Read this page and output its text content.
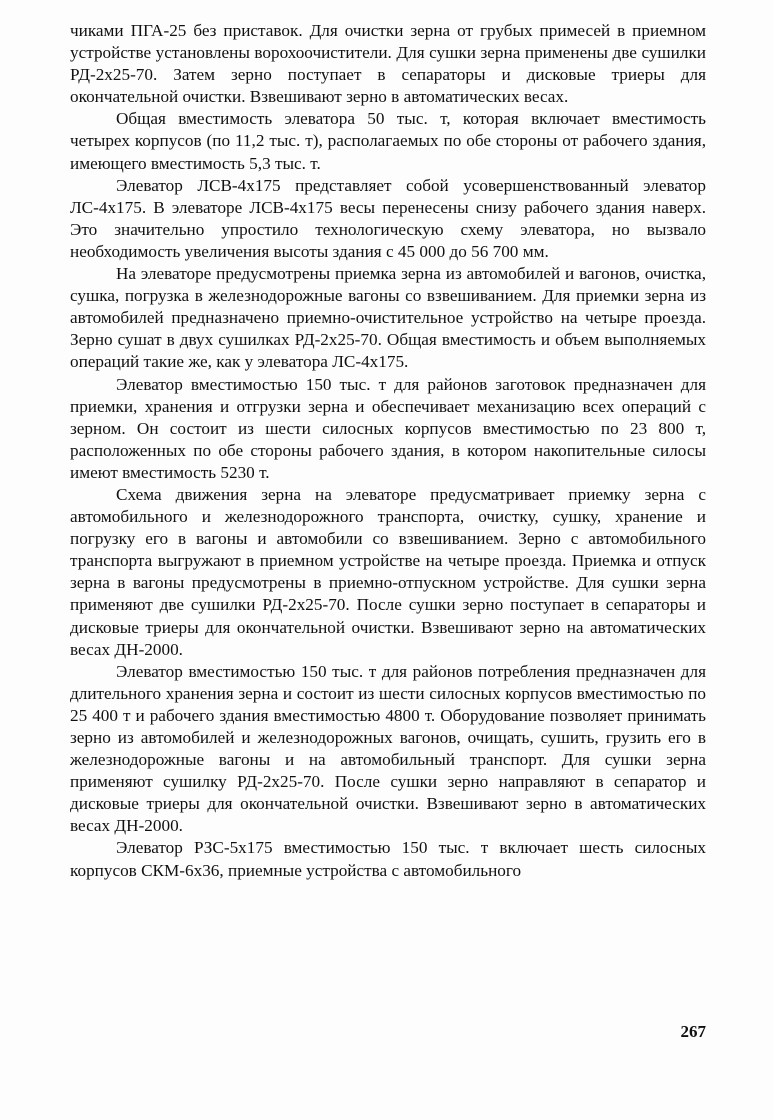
чиками ПГА-25 без приставок. Для очистки зерна от грубых примесей в приемном устройстве установлены ворохоочистители. Для сушки зерна применены две сушилки РД-2х25-70. Затем зерно поступает в сепараторы и дисковые триеры для окончательной очистки. Взвешивают зерно в автоматических весах.

Общая вместимость элеватора 50 тыс. т, которая включает вместимость четырех корпусов (по 11,2 тыс. т), располагаемых по обе стороны от рабочего здания, имеющего вместимость 5,3 тыс. т.

Элеватор ЛСВ-4х175 представляет собой усовершенствованный элеватор ЛС-4х175. В элеваторе ЛСВ-4х175 весы перенесены снизу рабочего здания наверх. Это значительно упростило технологическую схему элеватора, но вызвало необходимость увеличения высоты здания с 45 000 до 56 700 мм.

На элеваторе предусмотрены приемка зерна из автомобилей и вагонов, очистка, сушка, погрузка в железнодорожные вагоны со взвешиванием. Для приемки зерна из автомобилей предназначено приемно-очистительное устройство на четыре проезда. Зерно сушат в двух сушилках РД-2х25-70. Общая вместимость и объем выполняемых операций такие же, как у элеватора ЛС-4х175.

Элеватор вместимостью 150 тыс. т для районов заготовок предназначен для приемки, хранения и отгрузки зерна и обеспечивает механизацию всех операций с зерном. Он состоит из шести силосных корпусов вместимостью по 23 800 т, расположенных по обе стороны рабочего здания, в котором накопительные силосы имеют вместимость 5230 т.

Схема движения зерна на элеваторе предусматривает приемку зерна с автомобильного и железнодорожного транспорта, очистку, сушку, хранение и погрузку его в вагоны и автомобили со взвешиванием. Зерно с автомобильного транспорта выгружают в приемном устройстве на четыре проезда. Приемка и отпуск зерна в вагоны предусмотрены в приемно-отпускном устройстве. Для сушки зерна применяют две сушилки РД-2х25-70. После сушки зерно поступает в сепараторы и дисковые триеры для окончательной очистки. Взвешивают зерно на автоматических весах ДН-2000.

Элеватор вместимостью 150 тыс. т для районов потребления предназначен для длительного хранения зерна и состоит из шести силосных корпусов вместимостью по 25 400 т и рабочего здания вместимостью 4800 т. Оборудование позволяет принимать зерно из автомобилей и железнодорожных вагонов, очищать, сушить, грузить его в железнодорожные вагоны и на автомобильный транспорт. Для сушки зерна применяют сушилку РД-2х25-70. После сушки зерно направляют в сепаратор и дисковые триеры для окончательной очистки. Взвешивают зерно в автоматических весах ДН-2000.

Элеватор РЗС-5х175 вместимостью 150 тыс. т включает шесть силосных корпусов СКМ-6х36, приемные устройства с автомобильного

267
